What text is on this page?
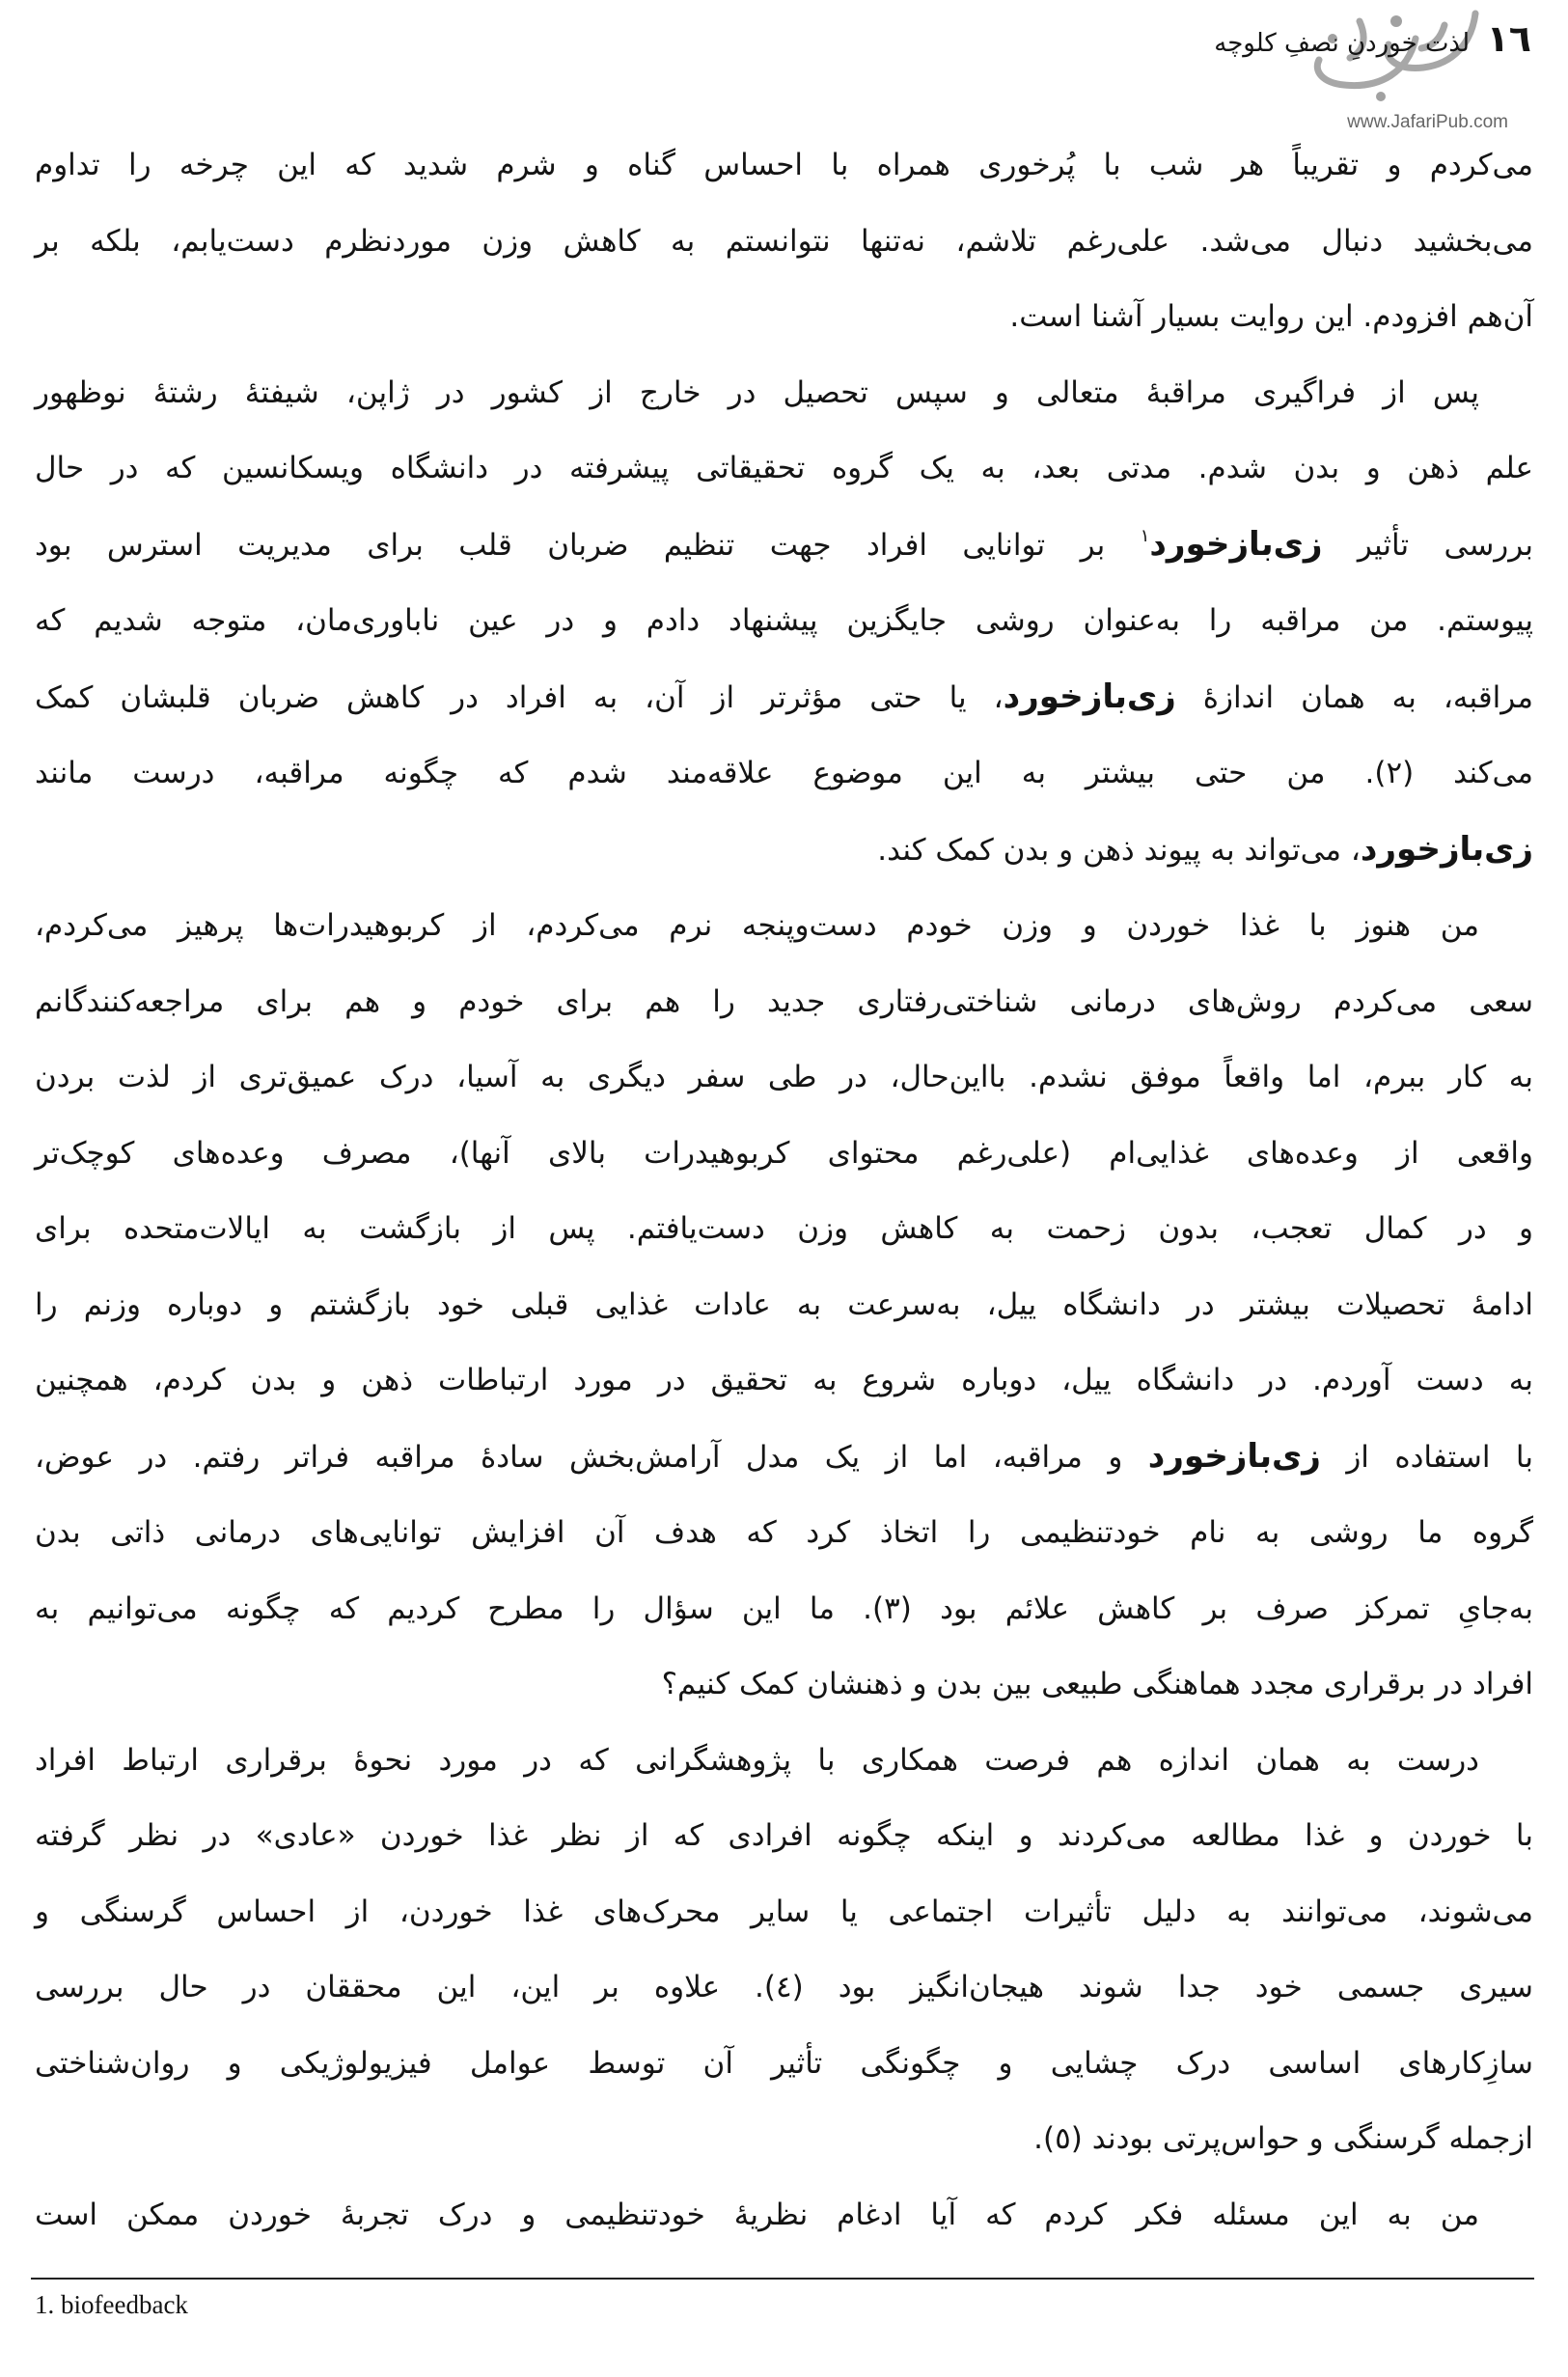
١٦
لذت خوردنِ نصفِ کلوچه
www.JafariPub.com
می‌کردم و تقریباً هر شب با پُرخوری همراه با احساس گناه و شرم شدید که این چرخه را تداوم
می‌بخشید دنبال می‌شد. علی‌رغم تلاشم، نه‌تنها نتوانستم به کاهش وزن موردنظرم دست‌یابم، بلکه بر
آن‌هم افزودم. این روایت بسیار آشنا است.
پس از فراگیری مراقبهٔ متعالی و سپس تحصیل در خارج از کشور در ژاپن، شیفتهٔ رشتهٔ نوظهور
علم ذهن و بدن شدم. مدتی بعد، به یک گروه تحقیقاتی پیشرفته در دانشگاه ویسکانسین که در حال
بررسی تأثیر زی‌بازخورد$^١$ بر توانایی افراد جهت تنظیم ضربان قلب برای مدیریت استرس بود
پیوستم. من مراقبه را به‌عنوان روشی جایگزین پیشنهاد دادم و در عین ناباوری‌مان، متوجه شدیم که
مراقبه، به همان اندازهٔ زی‌بازخورد، یا حتی مؤثرتر از آن، به افراد در کاهش ضربان قلبشان کمک
می‌کند (٢). من حتی بیشتر به این موضوع علاقه‌مند شدم که چگونه مراقبه، درست مانند
زی‌بازخورد، می‌تواند به پیوند ذهن و بدن کمک کند.
من هنوز با غذا خوردن و وزن خودم دست‌وپنجه نرم می‌کردم، از کربوهیدرات‌ها پرهیز می‌کردم،
سعی می‌کردم روش‌های درمانی شناختی‌رفتاری جدید را هم برای خودم و هم برای مراجعه‌کنندگانم
به کار ببرم، اما واقعاً موفق نشدم. بااین‌حال، در طی سفر دیگری به آسیا، درک عمیق‌تری از لذت بردن
واقعی از وعده‌های غذایی‌ام (علی‌رغم محتوای کربوهیدرات بالای آنها)، مصرف وعده‌های کوچک‌تر
و در کمال تعجب، بدون زحمت به کاهش وزن دست‌یافتم. پس از بازگشت به ایالات‌متحده برای
ادامهٔ تحصیلات بیشتر در دانشگاه ییل، به‌سرعت به عادات غذایی قبلی خود بازگشتم و دوباره وزنم را
به دست آوردم. در دانشگاه ییل، دوباره شروع به تحقیق در مورد ارتباطات ذهن و بدن کردم، همچنین
با استفاده از زی‌بازخورد و مراقبه، اما از یک مدل آرامش‌بخش سادهٔ مراقبه فراتر رفتم. در عوض،
گروه ما روشی به نام خودتنظیمی را اتخاذ کرد که هدف آن افزایش توانایی‌های درمانی ذاتی بدن
به‌جایِ تمرکز صرف بر کاهش علائم بود (٣). ما این سؤال را مطرح کردیم که چگونه می‌توانیم به
افراد در برقراری مجدد هماهنگی طبیعی بین بدن و ذهنشان کمک کنیم؟
درست به همان اندازه هم فرصت همکاری با پژوهشگرانی که در مورد نحوهٔ برقراری ارتباط افراد
با خوردن و غذا مطالعه می‌کردند و اینکه چگونه افرادی که از نظر غذا خوردن «عادی» در نظر گرفته
می‌شوند، می‌توانند به دلیل تأثیرات اجتماعی یا سایر محرک‌های غذا خوردن، از احساس گرسنگی و
سیری جسمی خود جدا شوند هیجان‌انگیز بود (٤). علاوه بر این، این محققان در حال بررسی
سازِکارهای اساسی درک چشایی و چگونگی تأثیر آن توسط عوامل فیزیولوژیکی و روان‌شناختی
ازجمله گرسنگی و حواس‌پرتی بودند (٥).
من به این مسئله فکر کردم که آیا ادغام نظریهٔ خودتنظیمی و درک تجربهٔ خوردن ممکن است
1. biofeedback
